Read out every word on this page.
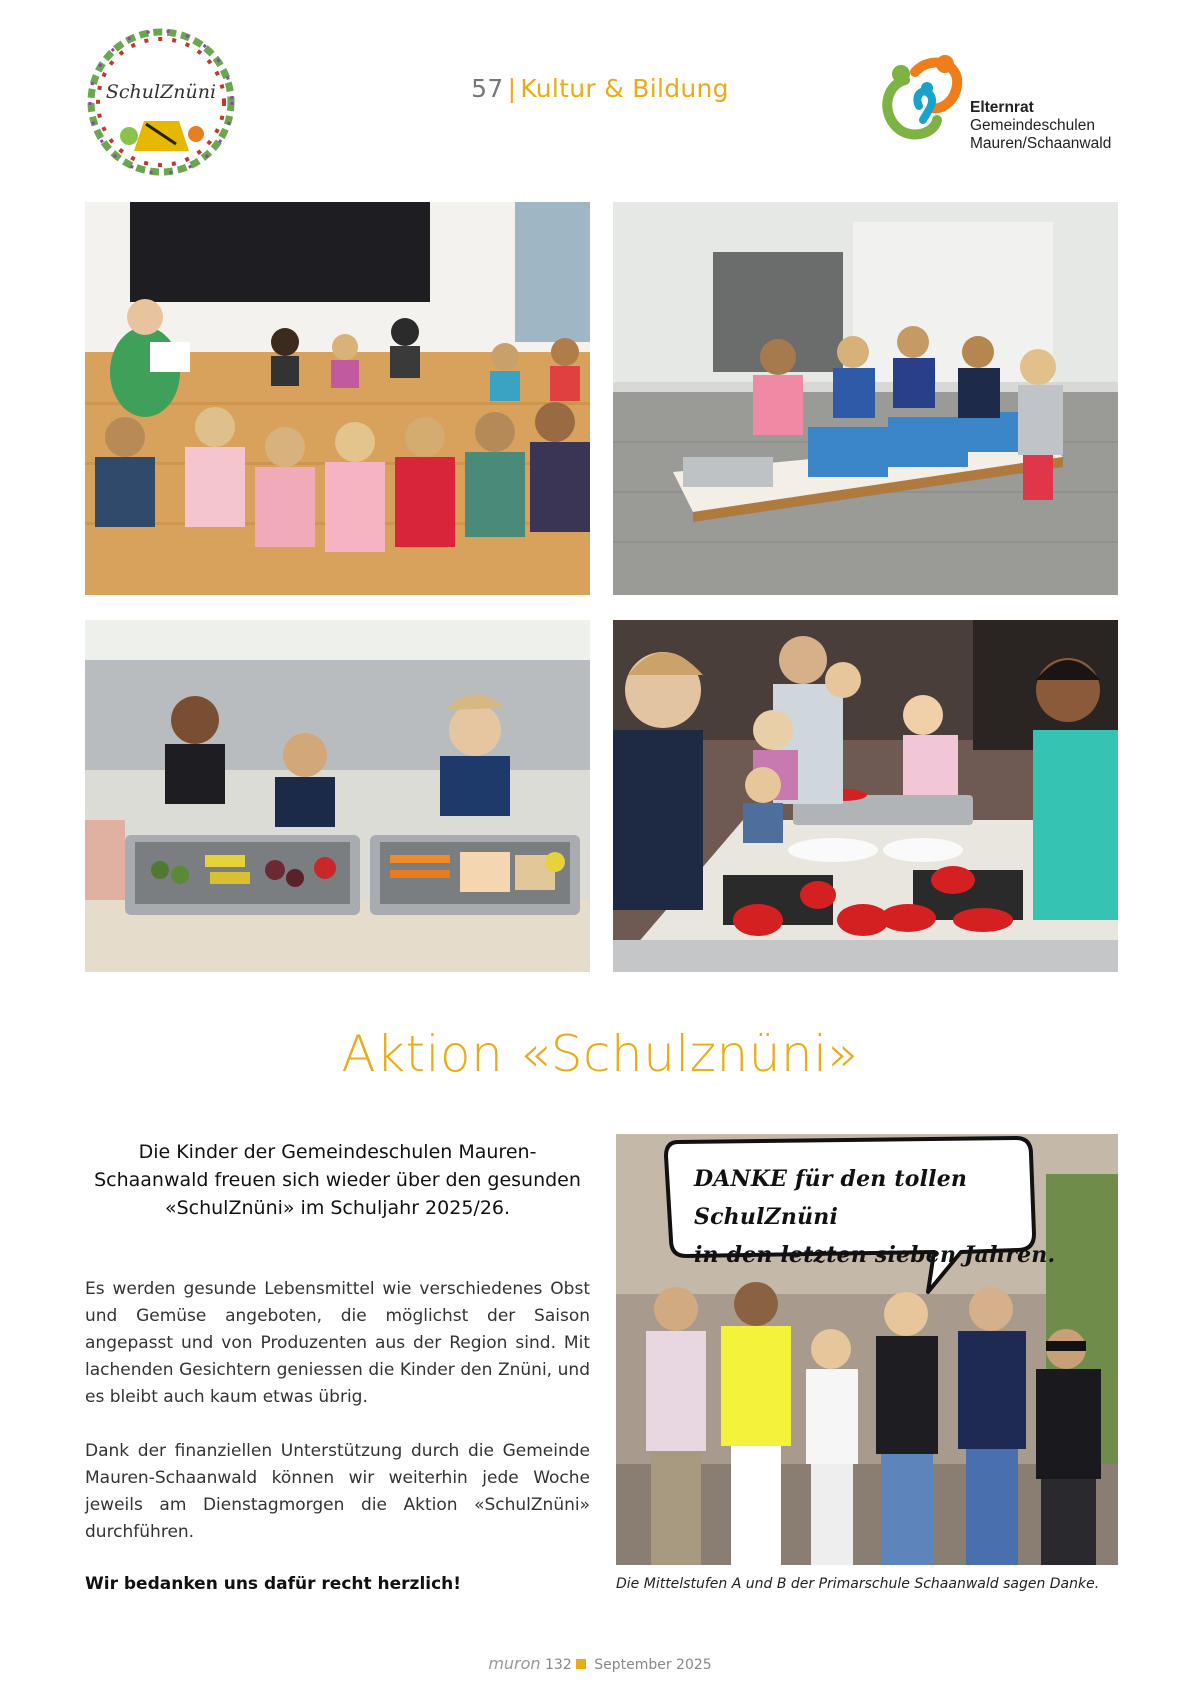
SchulZnüni	57 | Kultur & Bildung
Elternrat
Gemeindeschulen
Mauren/Schaanwald
Aktion «Schulznüni»
Die Kinder der Gemeindeschulen Mauren-Schaanwald freuen sich wieder über den gesunden «SchulZnüni» im Schuljahr 2025/26.
Es werden gesunde Lebensmittel wie verschiedenes Obst und Gemüse angeboten, die möglichst der Saison angepasst und von Produzenten aus der Region sind. Mit lachenden Gesichtern geniessen die Kinder den Znüni, und es bleibt auch kaum etwas übrig.
Dank der finanziellen Unterstützung durch die Gemeinde Mauren-Schaanwald können wir weiterhin jede Woche jeweils am Dienstagmorgen die Aktion «SchulZnüni» durchführen.
Wir bedanken uns dafür recht herzlich!
DANKE für den tollen SchulZnüni
in den letzten sieben Jahren.
Die Mittelstufen A und B der Primarschule Schaanwald sagen Danke.
muron 132 September 2025
